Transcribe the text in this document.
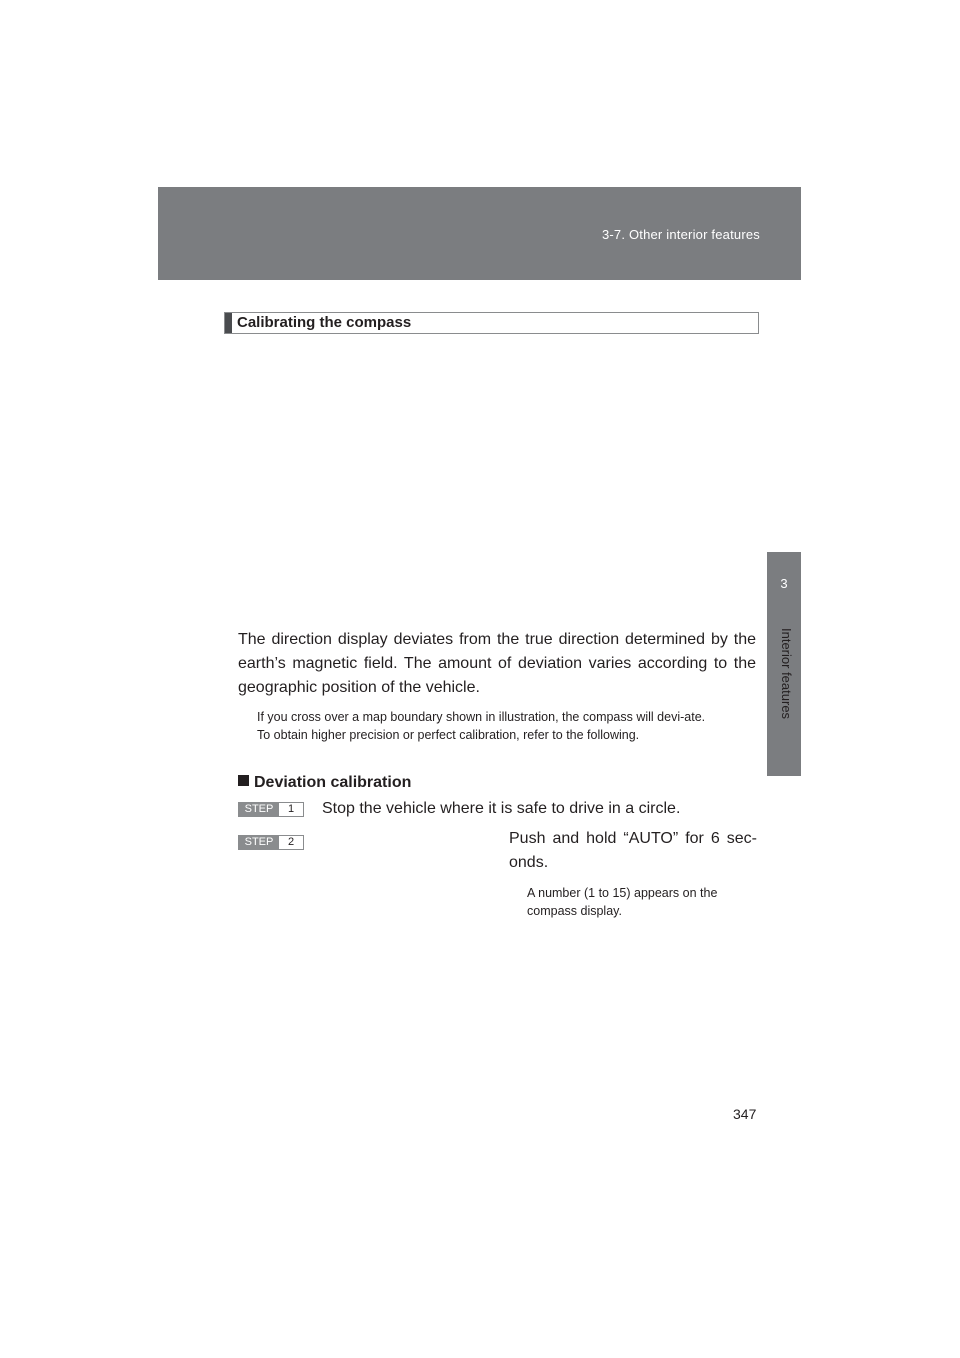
3-7. Other interior features
3
Interior features
Calibrating the compass
The direction display deviates from the true direction determined by the earth’s magnetic field. The amount of deviation varies according to the geographic position of the vehicle.
If you cross over a map boundary shown in illustration, the compass will devi-ate.
To obtain higher precision or perfect calibration, refer to the following.
Deviation calibration
STEP	1	Stop the vehicle where it is safe to drive in a circle.
STEP	2	Push and hold “AUTO” for 6 sec-onds.
A number (1 to 15) appears on the compass display.
347
